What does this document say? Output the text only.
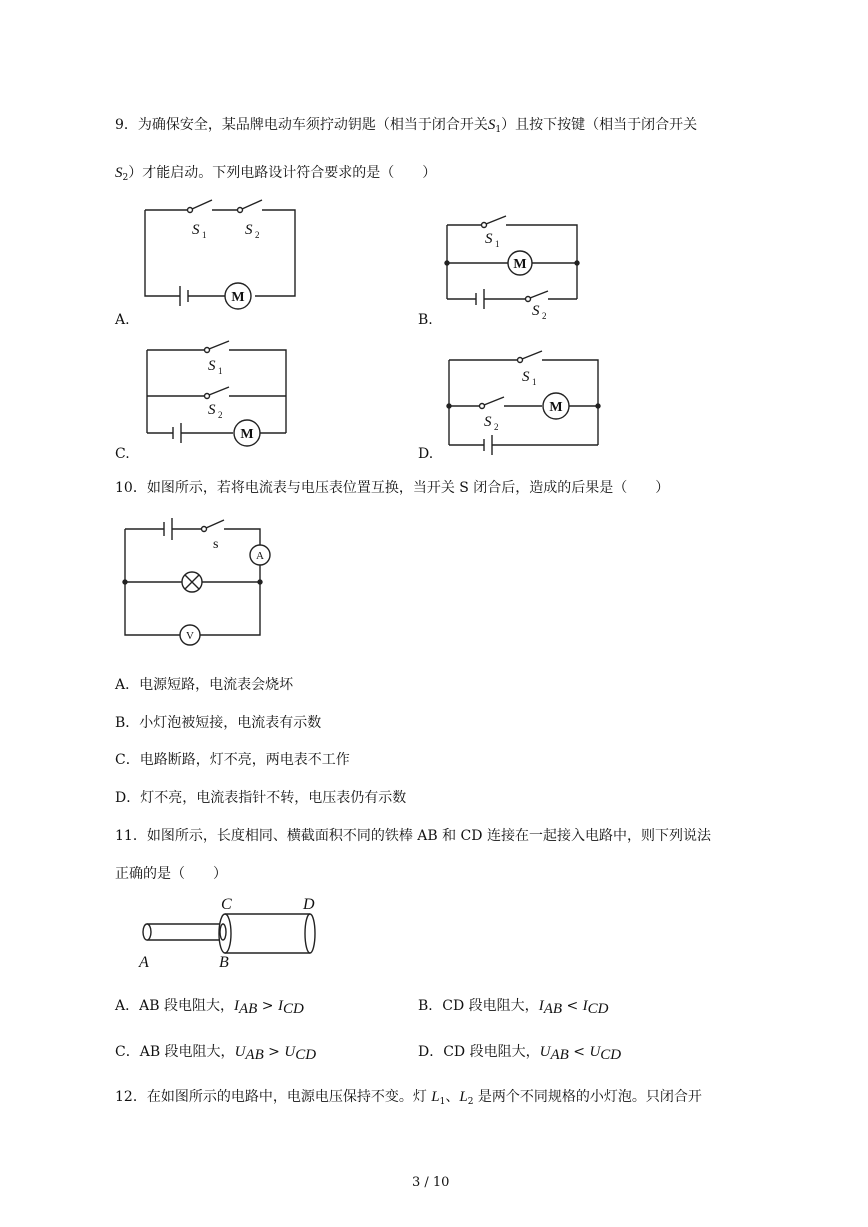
9．为确保安全，某品牌电动车须拧动钥匙（相当于闭合开关$S_1$）且按下按键（相当于闭合开关
$S_2$）才能启动。下列电路设计符合要求的是（　　）
S 1	S 2
M
A.
S 1
M
S 2
B.
S 1
S 2
M
C.
S 1
S 2
M
D.
10．如图所示，若将电流表与电压表位置互换，当开关 S 闭合后，造成的后果是（　　）
s
A
V
A．电源短路，电流表会烧坏
B．小灯泡被短接，电流表有示数
C．电路断路，灯不亮，两电表不工作
D．灯不亮，电流表指针不转，电压表仍有示数
11．如图所示，长度相同、横截面积不同的铁棒 AB 和 CD 连接在一起接入电路中，则下列说法
正确的是（　　）
A	B
C	D
A．AB 段电阻大，IAB > ICD	B．CD 段电阻大，IAB < ICD
C．AB 段电阻大，UAB > UCD	D．CD 段电阻大，UAB < UCD
12．在如图所示的电路中，电源电压保持不变。灯 $L_1$、$L_2$ 是两个不同规格的小灯泡。只闭合开
3 / 10
